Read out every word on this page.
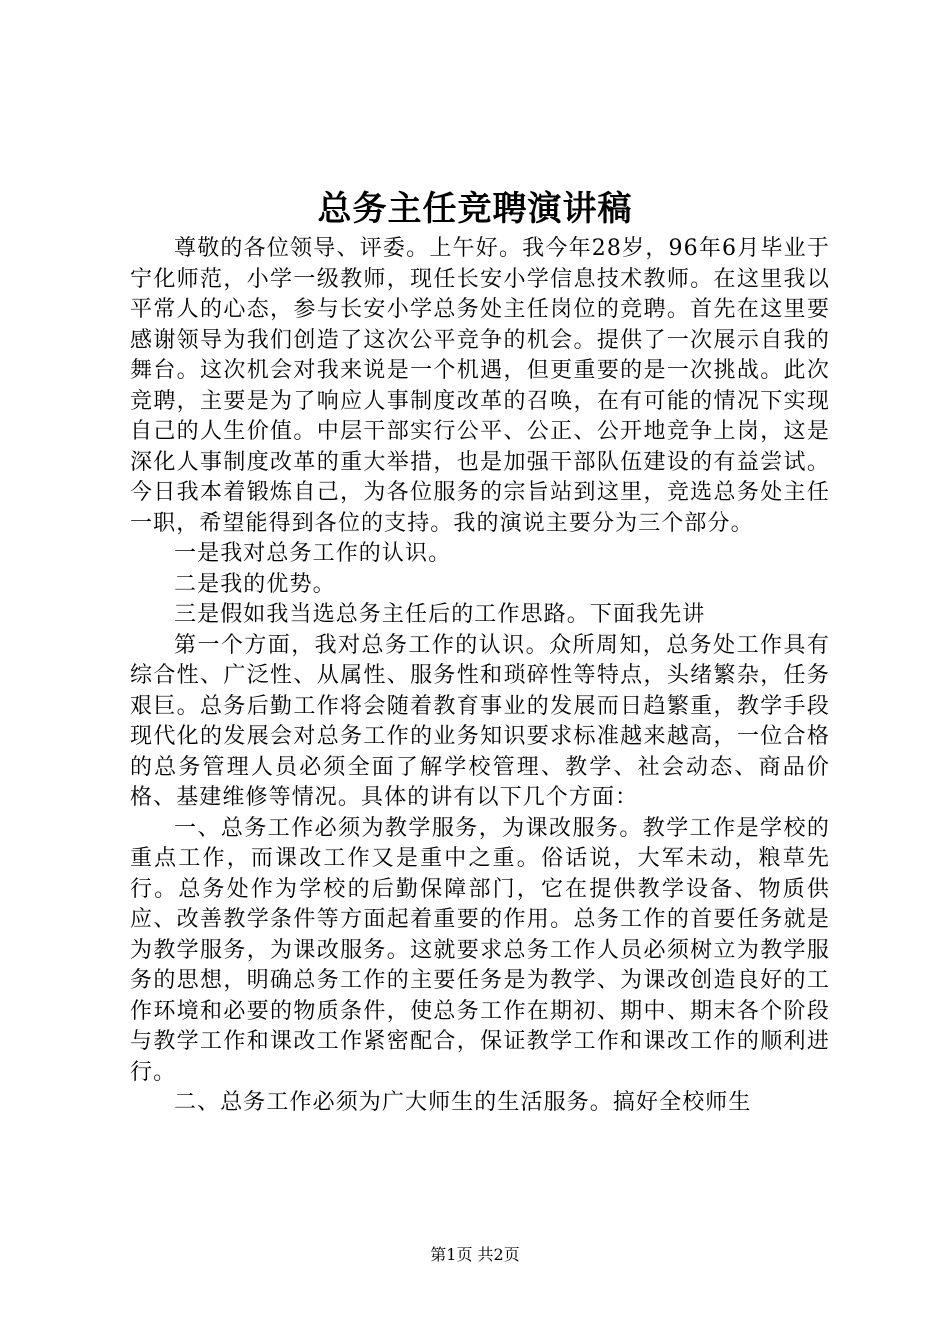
总务主任竞聘演讲稿

尊敬的各位领导、评委。上午好。我今年28岁，96年6月毕业于宁化师范，小学一级教师，现任长安小学信息技术教师。在这里我以平常人的心态，参与长安小学总务处主任岗位的竞聘。首先在这里要感谢领导为我们创造了这次公平竞争的机会。提供了一次展示自我的舞台。这次机会对我来说是一个机遇，但更重要的是一次挑战。此次竞聘，主要是为了响应人事制度改革的召唤，在有可能的情况下实现自己的人生价值。中层干部实行公平、公正、公开地竞争上岗，这是深化人事制度改革的重大举措，也是加强干部队伍建设的有益尝试。今日我本着锻炼自己，为各位服务的宗旨站到这里，竞选总务处主任一职，希望能得到各位的支持。我的演说主要分为三个部分。

一是我对总务工作的认识。

二是我的优势。

三是假如我当选总务主任后的工作思路。下面我先讲

第一个方面，我对总务工作的认识。众所周知，总务处工作具有综合性、广泛性、从属性、服务性和琐碎性等特点，头绪繁杂，任务艰巨。总务后勤工作将会随着教育事业的发展而日趋繁重，教学手段现代化的发展会对总务工作的业务知识要求标准越来越高，一位合格的总务管理人员必须全面了解学校管理、教学、社会动态、商品价格、基建维修等情况。具体的讲有以下几个方面：

一、总务工作必须为教学服务，为课改服务。教学工作是学校的重点工作，而课改工作又是重中之重。俗话说，大军未动，粮草先行。总务处作为学校的后勤保障部门，它在提供教学设备、物质供应、改善教学条件等方面起着重要的作用。总务工作的首要任务就是为教学服务，为课改服务。这就要求总务工作人员必须树立为教学服务的思想，明确总务工作的主要任务是为教学、为课改创造良好的工作环境和必要的物质条件，使总务工作在期初、期中、期末各个阶段与教学工作和课改工作紧密配合，保证教学工作和课改工作的顺利进行。

二、总务工作必须为广大师生的生活服务。搞好全校师生

第1页 共2页
